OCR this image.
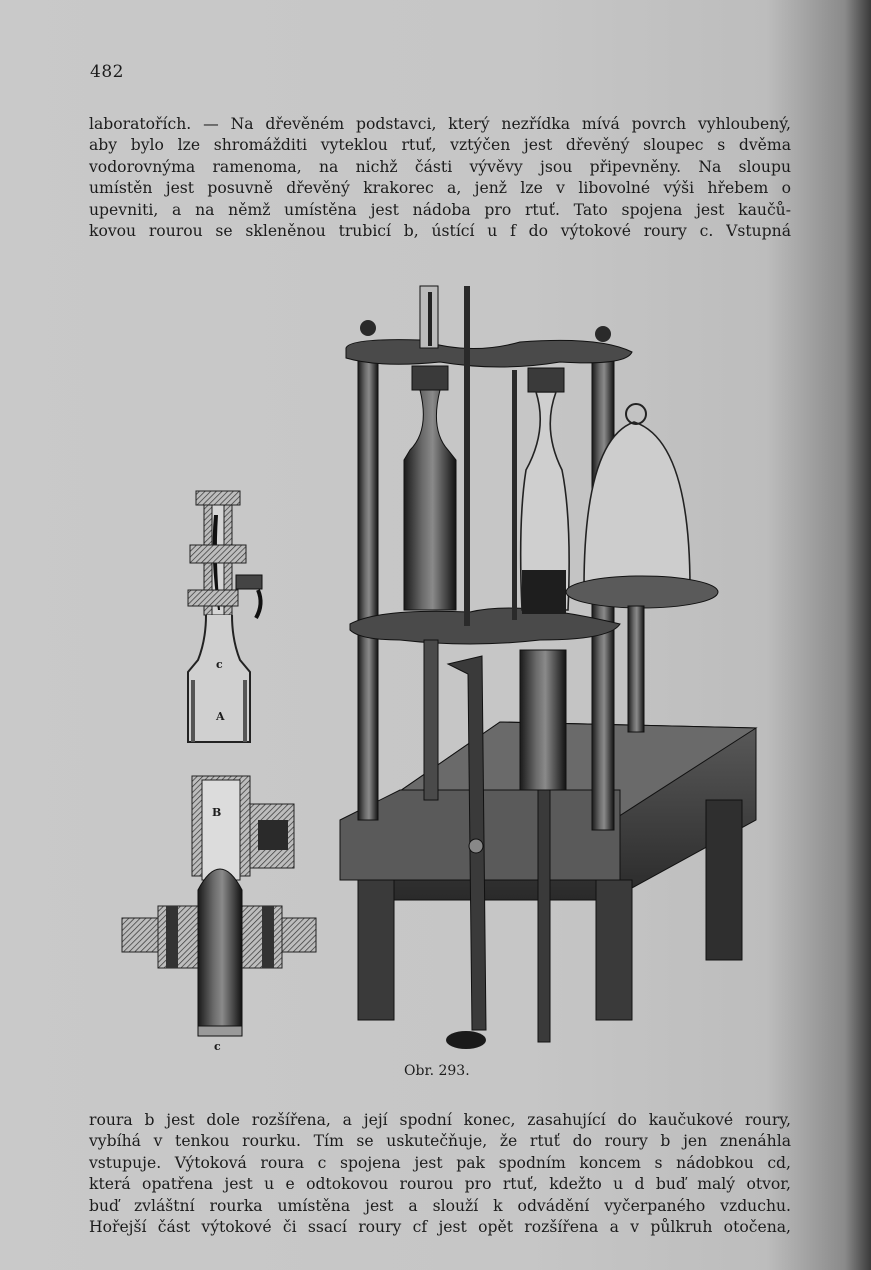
482
laboratořích. — Na dřevěném podstavci, který nezřídka mívá povrch vyhloubený,
aby bylo lze shromážditi vyteklou rtuť, vztýčen jest dřevěný sloupec s dvěma
vodorovnýma ramenoma, na nichž části vývěvy jsou připevněny. Na sloupu
umístěn jest posuvně dřevěný krakorec a, jenž lze v libovolné výši hřebem o
upevniti, a na němž umístěna jest nádoba pro rtuť. Tato spojena jest kaučů-
kovou rourou se skleněnou trubicí b, ústící u f do výtokové roury c. Vstupná
c
A
B
c
Obr. 293.
roura b jest dole rozšířena, a její spodní konec, zasahující do kaučukové roury,
vybíhá v tenkou rourku. Tím se uskutečňuje, že rtuť do roury b jen znenáhla
vstupuje. Výtoková roura c spojena jest pak spodním koncem s nádobkou cd,
která opatřena jest u e odtokovou rourou pro rtuť, kdežto u d buď malý otvor,
buď zvláštní rourka umístěna jest a slouží k odvádění vyčerpaného vzduchu.
Hořejší část výtokové či ssací roury cf jest opět rozšířena a v půlkruh otočena,
